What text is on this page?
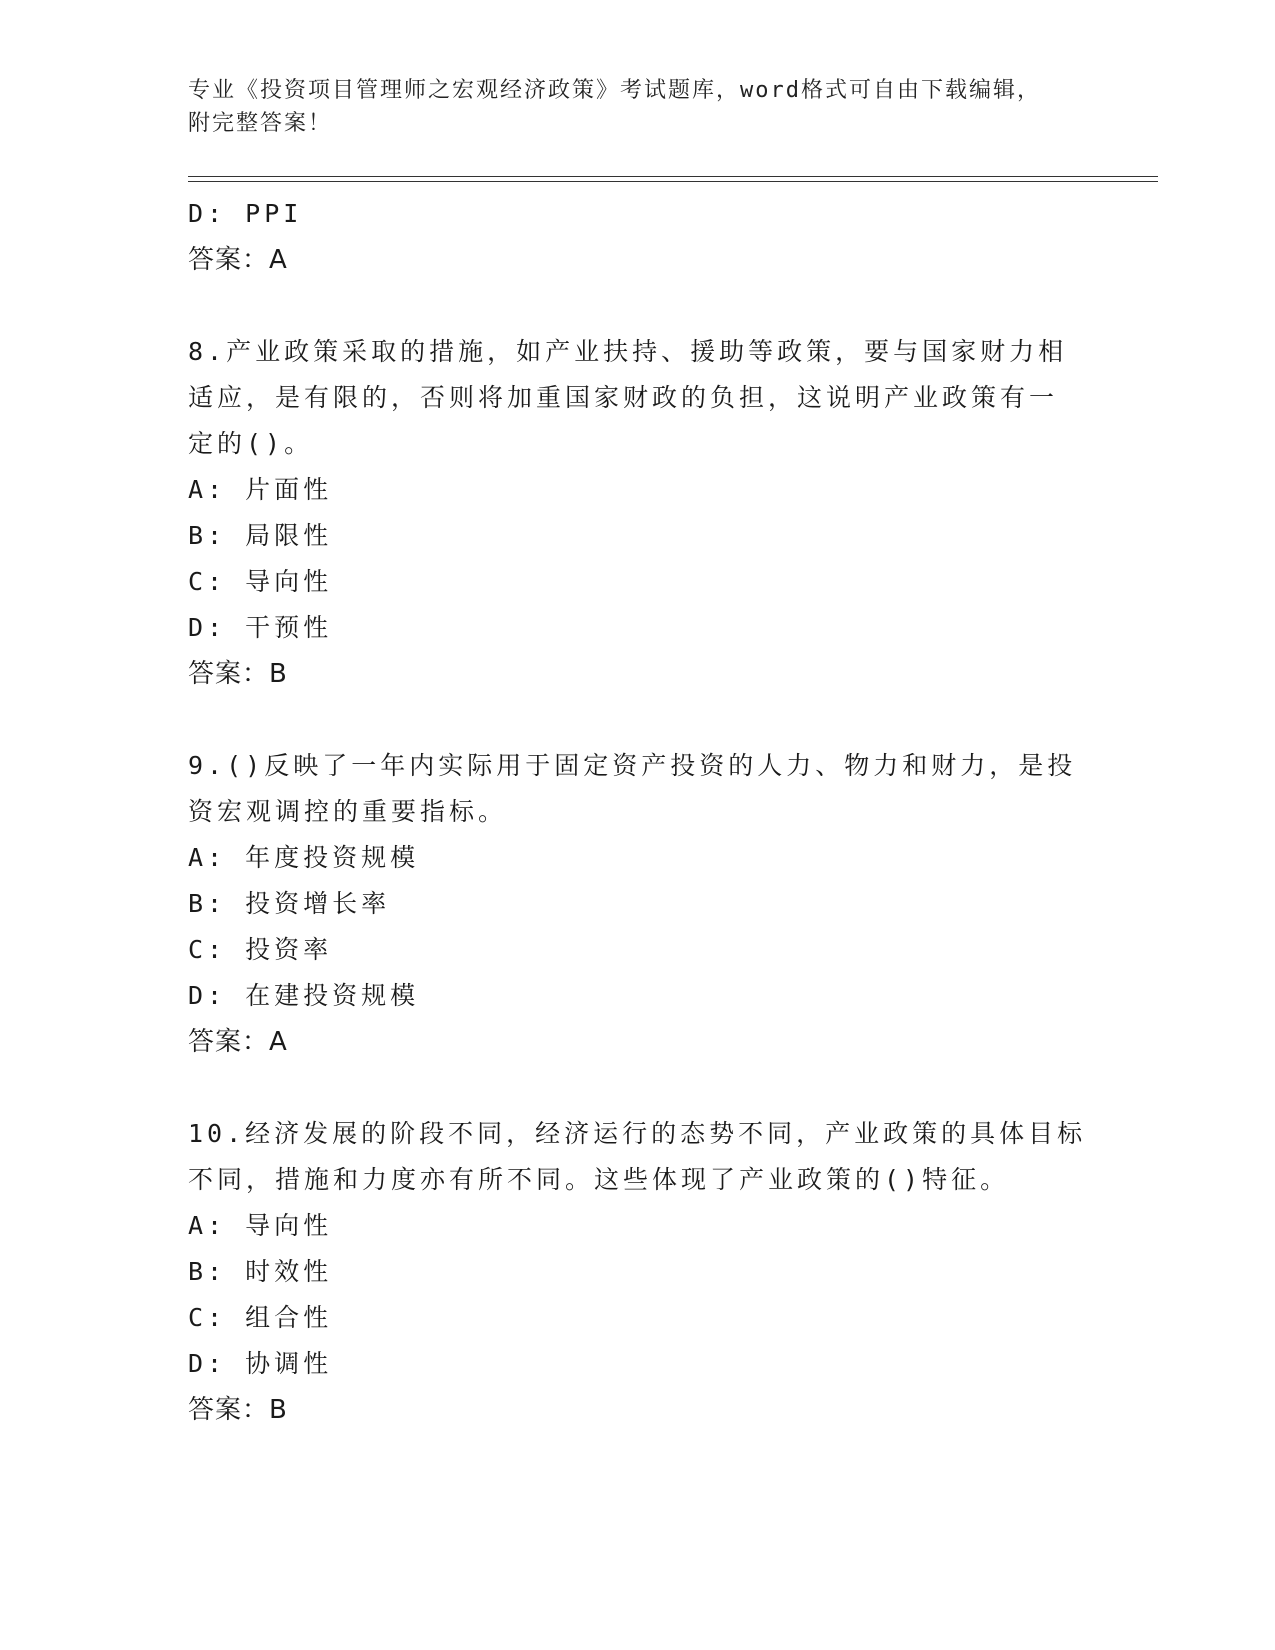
专业《投资项目管理师之宏观经济政策》考试题库，word格式可自由下载编辑，
附完整答案！

D: PPI

答案：A

8.产业政策采取的措施，如产业扶持、援助等政策，要与国家财力相

适应，是有限的，否则将加重国家财政的负担，这说明产业政策有一

定的()。

A: 片面性

B: 局限性

C: 导向性

D: 干预性

答案：B

9.()反映了一年内实际用于固定资产投资的人力、物力和财力，是投

资宏观调控的重要指标。

A: 年度投资规模

B: 投资增长率

C: 投资率

D: 在建投资规模

答案：A

10.经济发展的阶段不同，经济运行的态势不同，产业政策的具体目标

不同，措施和力度亦有所不同。这些体现了产业政策的()特征。

A: 导向性

B: 时效性

C: 组合性

D: 协调性

答案：B
